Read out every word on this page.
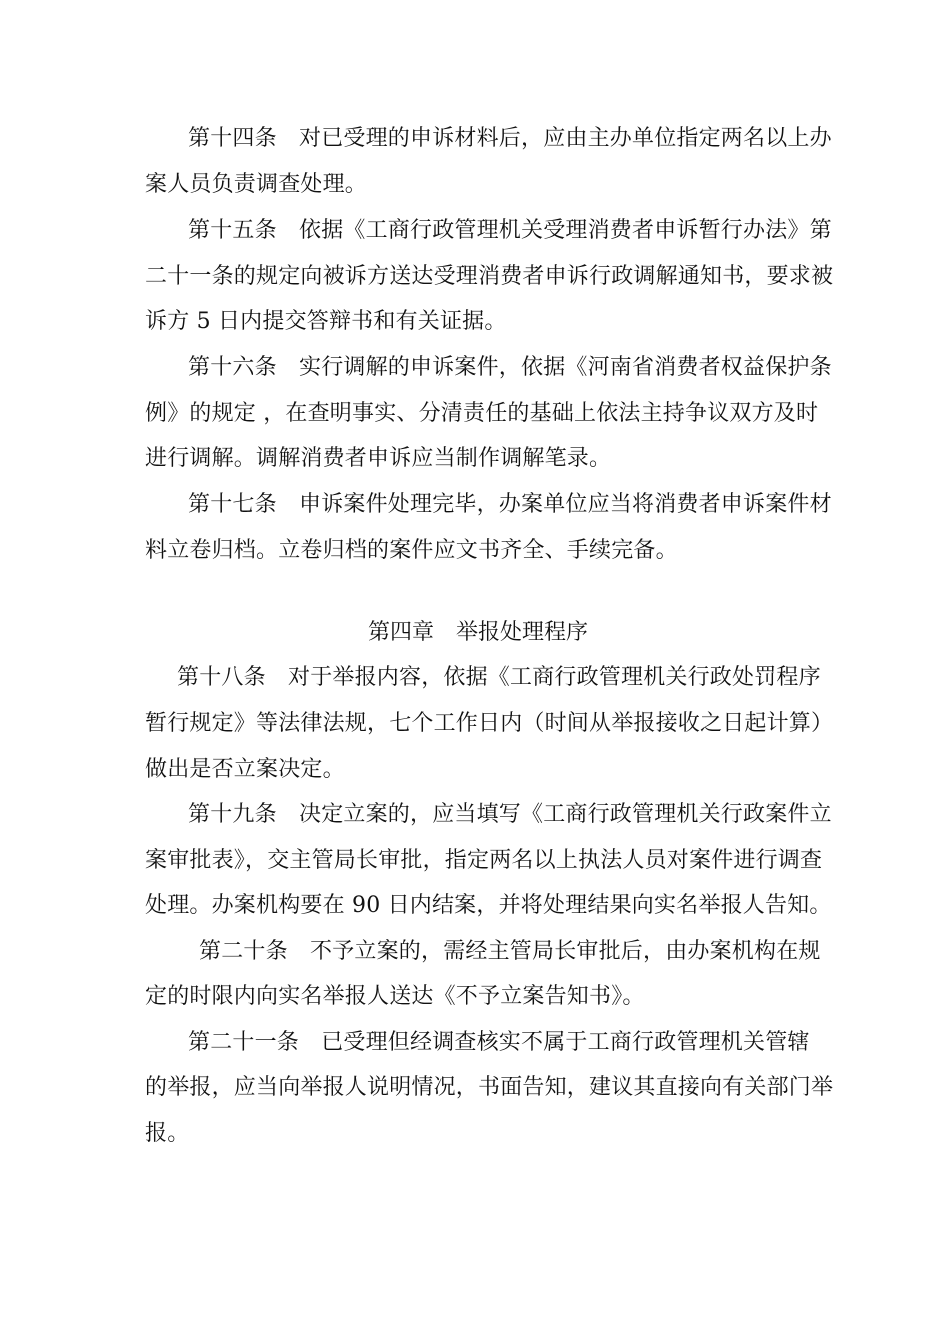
第十四条　对已受理的申诉材料后，应由主办单位指定两名以上办
案人员负责调查处理。
第十五条　依据《工商行政管理机关受理消费者申诉暂行办法》第
二十一条的规定向被诉方送达受理消费者申诉行政调解通知书，要求被
诉方 5 日内提交答辩书和有关证据。
第十六条　实行调解的申诉案件，依据《河南省消费者权益保护条
例》的规定 ，在查明事实、分清责任的基础上依法主持争议双方及时
进行调解。调解消费者申诉应当制作调解笔录。
第十七条　申诉案件处理完毕，办案单位应当将消费者申诉案件材
料立卷归档。立卷归档的案件应文书齐全、手续完备。
第四章　举报处理程序
第十八条　对于举报内容，依据《工商行政管理机关行政处罚程序
暂行规定》等法律法规，七个工作日内（时间从举报接收之日起计算）
做出是否立案决定。
第十九条　决定立案的，应当填写《工商行政管理机关行政案件立
案审批表》，交主管局长审批，指定两名以上执法人员对案件进行调查
处理。办案机构要在 90 日内结案，并将处理结果向实名举报人告知。
第二十条　不予立案的，需经主管局长审批后，由办案机构在规
定的时限内向实名举报人送达《不予立案告知书》。
第二十一条　已受理但经调查核实不属于工商行政管理机关管辖
的举报，应当向举报人说明情况，书面告知，建议其直接向有关部门举
报。
